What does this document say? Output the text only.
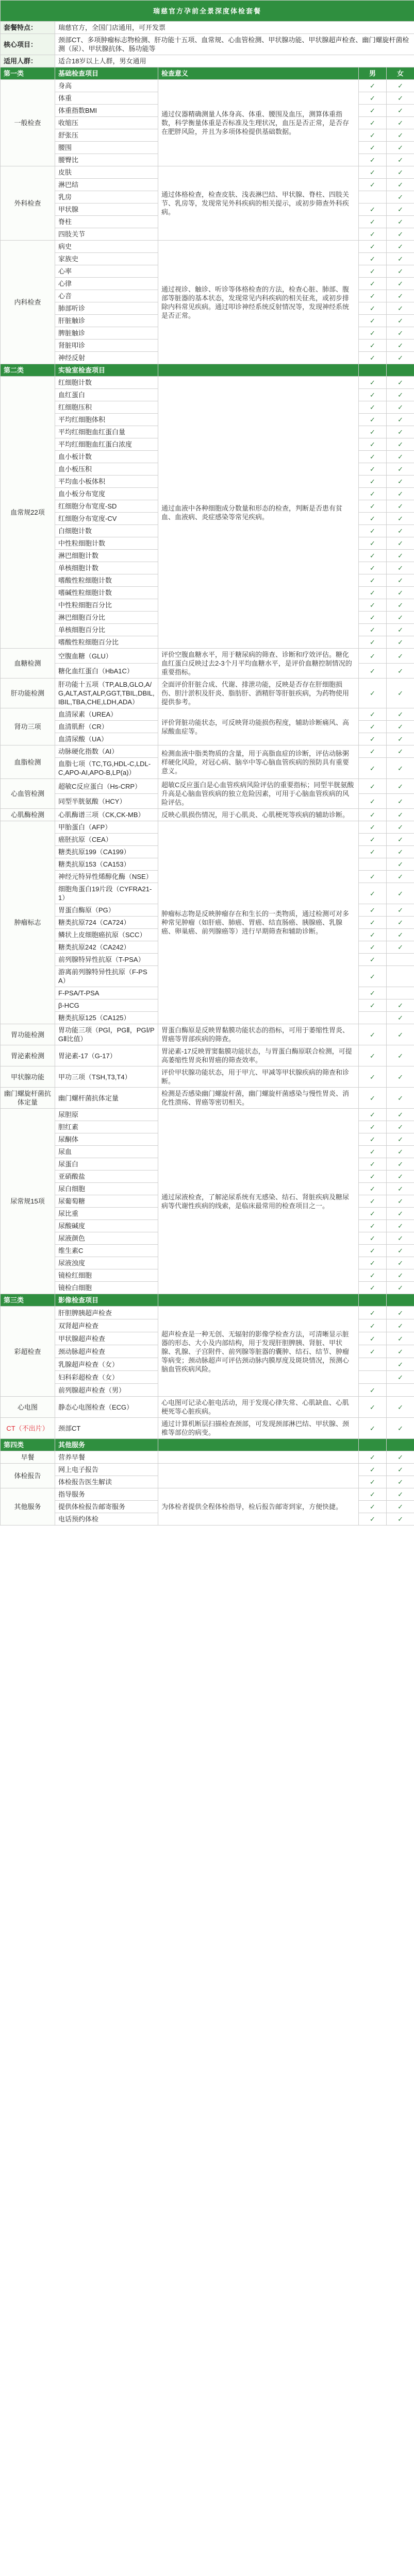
瑞慈官方孕前全景深度体检套餐				
套餐特点：	瑞慈官方，全国门店通用，可开发票			
核心项目：	颈部CT、多项肿瘤标志物检测、肝功能十五项、血常规、心血管检测、甲状腺功能、甲状腺超声检查、幽门螺旋杆菌检测（尿）、甲状腺抗体、肠功能等			
适用人群：	适合18岁以上人群，男女通用			
第一类	基础检查项目	检查意义	男	女
一般检查	身高	通过仪器精确测量人体身高、体重、腰围及血压，测算体重指数，科学衡量体重是否标准及生理状况，血压是否正常，是否存在肥胖风险，并且为多项体检提供基础数据。	✓	✓
	体重		✓	✓
	体重指数BMI		✓	✓
	收缩压		✓	✓
	舒张压		✓	✓
	腰围		✓	✓
	腰臀比		✓	✓
外科检查	皮肤	通过体格检查，检查皮肤、浅表淋巴结、甲状腺、脊柱、四肢关节、乳房等，发现常见外科疾病的相关提示，或初步筛查外科疾病。	✓	✓
	淋巴结		✓	✓
	乳房			✓
	甲状腺		✓	✓
	脊柱		✓	✓
	四肢关节		✓	✓
内科检查	病史	通过视诊、触诊、听诊等体格检查的方法，检查心脏、肺部、腹部等脏器的基本状态，发现常见内科疾病的相关征兆，或初步排除内科常见疾病。通过叩诊神经系统反射情况等，发现神经系统是否正常。	✓	✓
	家族史		✓	✓
	心率		✓	✓
	心律		✓	✓
	心音		✓	✓
	肺部听诊		✓	✓
	肝脏触诊		✓	✓
	脾脏触诊		✓	✓
	肾脏叩诊		✓	✓
	神经反射		✓	✓
第二类	实验室检查项目			
血常规22项	红细胞计数	通过血液中各种细胞成分数量和形态的检查，判断是否患有贫血、血液病、炎症感染等常见疾病。	✓	✓
	血红蛋白		✓	✓
	红细胞压积		✓	✓
	平均红细胞体积		✓	✓
	平均红细胞血红蛋白量		✓	✓
	平均红细胞血红蛋白浓度		✓	✓
	血小板计数		✓	✓
	血小板压积		✓	✓
	平均血小板体积		✓	✓
	血小板分布宽度		✓	✓
	红细胞分布宽度-SD		✓	✓
	红细胞分布宽度-CV		✓	✓
	白细胞计数		✓	✓
	中性粒细胞计数		✓	✓
	淋巴细胞计数		✓	✓
	单核细胞计数		✓	✓
	嗜酸性粒细胞计数		✓	✓
	嗜碱性粒细胞计数		✓	✓
	中性粒细胞百分比		✓	✓
	淋巴细胞百分比		✓	✓
	单核细胞百分比		✓	✓
	嗜酸性粒细胞百分比		✓	✓
血糖检测	空腹血糖（GLU）	评价空腹血糖水平，用于糖尿病的筛查、诊断和疗效评估。糖化血红蛋白反映过去2-3个月平均血糖水平，是评价血糖控制情况的重要指标。	✓	✓
	糖化血红蛋白（HbA1C）		✓	✓
肝功能检测	肝功能十五项（TP,ALB,GLO,A/G,ALT,AST,ALP,GGT,TBIL,DBIL,IBIL,TBA,CHE,LDH,ADA）	全面评价肝脏合成、代谢、排泄功能，反映是否存在肝细胞损伤、胆汁淤积及肝炎、脂肪肝、酒精肝等肝脏疾病，为药物使用提供参考。	✓	✓
肾功三项	血清尿素（UREA）	评价肾脏功能状态，可反映肾功能损伤程度，辅助诊断痛风、高尿酸血症等。	✓	✓
	血清肌酐（CR）		✓	✓
	血清尿酸（UA）		✓	✓
血脂检测	动脉硬化指数（AI）	检测血液中脂类物质的含量，用于高脂血症的诊断，评估动脉粥样硬化风险，对冠心病、脑卒中等心脑血管疾病的预防具有重要意义。	✓	✓
	血脂七项（TC,TG,HDL-C,LDL-C,APO-AI,APO-B,LP(a)）		✓	✓
心血管检测	超敏C反应蛋白（Hs-CRP）	超敏C反应蛋白是心血管疾病风险评估的重要指标；同型半胱氨酸升高是心脑血管疾病的独立危险因素，可用于心脑血管疾病的风险评估。	✓	✓
	同型半胱氨酸（HCY）		✓	✓
心肌酶检测	心肌酶谱三项（CK,CK-MB）	反映心肌损伤情况，用于心肌炎、心肌梗死等疾病的辅助诊断。	✓	✓
肿瘤标志	甲胎蛋白（AFP）	肿瘤标志物是反映肿瘤存在和生长的一类物质，通过检测可对多种常见肿瘤（如肝癌、肺癌、胃癌、结直肠癌、胰腺癌、乳腺癌、卵巢癌、前列腺癌等）进行早期筛查和辅助诊断。	✓	✓
	癌胚抗原（CEA）		✓	✓
	糖类抗原199（CA199）		✓	✓
	糖类抗原153（CA153）			✓
	神经元特异性烯醇化酶（NSE）		✓	✓
	细胞角蛋白19片段（CYFRA21-1）		✓	✓
	胃蛋白酶原（PG）		✓	✓
	糖类抗原724（CA724）		✓	✓
	鳞状上皮细胞癌抗原（SCC）		✓	✓
	糖类抗原242（CA242）		✓	✓
	前列腺特异性抗原（T-PSA）		✓	
	游离前列腺特异性抗原（F-PSA）		✓	
	F-PSA/T-PSA		✓	
	β-HCG		✓	✓
	糖类抗原125（CA125）			✓
胃功能检测	胃功能三项（PGⅠ，PGⅡ，PGⅠ/PGⅡ比值）	胃蛋白酶原是反映胃黏膜功能状态的指标，可用于萎缩性胃炎、胃癌等胃部疾病的筛查。	✓	✓
胃泌素检测	胃泌素-17（G-17）	胃泌素-17反映胃窦黏膜功能状态，与胃蛋白酶原联合检测，可提高萎缩性胃炎和胃癌的筛查效率。	✓	✓
甲状腺功能	甲功三项（TSH,T3,T4）	评价甲状腺功能状态，用于甲亢、甲减等甲状腺疾病的筛查和诊断。	✓	✓
幽门螺旋杆菌抗体定量	幽门螺杆菌抗体定量	检测是否感染幽门螺旋杆菌，幽门螺旋杆菌感染与慢性胃炎、消化性溃疡、胃癌等密切相关。	✓	✓
尿常规15项	尿胆原	通过尿液检查，了解泌尿系统有无感染、结石、肾脏疾病及糖尿病等代谢性疾病的线索，是临床最常用的检查项目之一。	✓	✓
	胆红素		✓	✓
	尿酮体		✓	✓
	尿血		✓	✓
	尿蛋白		✓	✓
	亚硝酸盐		✓	✓
	尿白细胞		✓	✓
	尿葡萄糖		✓	✓
	尿比重		✓	✓
	尿酸碱度		✓	✓
	尿液颜色		✓	✓
	维生素C		✓	✓
	尿液浊度		✓	✓
	镜检红细胞		✓	✓
	镜检白细胞		✓	✓
第三类	影像检查项目			
彩超检查	肝胆脾胰超声检查	超声检查是一种无创、无辐射的影像学检查方法，可清晰显示脏器的形态、大小及内部结构，用于发现肝胆脾胰、肾脏、甲状腺、乳腺、子宫附件、前列腺等脏器的囊肿、结石、结节、肿瘤等病变；颈动脉超声可评估颈动脉内膜厚度及斑块情况，预测心脑血管疾病风险。	✓	✓
	双肾超声检查		✓	✓
	甲状腺超声检查		✓	✓
	颈动脉超声检查		✓	✓
	乳腺超声检查（女）			✓
	妇科彩超检查（女）			✓
	前列腺超声检查（男）		✓	
心电图	静态心电图检查（ECG）	心电图可记录心脏电活动，用于发现心律失常、心肌缺血、心肌梗死等心脏疾病。	✓	✓
CT（不出片）	颈部CT	通过计算机断层扫描检查颈部，可发现颈部淋巴结、甲状腺、颈椎等部位的病变。	✓	✓
第四类	其他服务			
早餐	营养早餐		✓	✓
体检报告	网上电子报告		✓	✓
	体检报告医生解读		✓	✓
其他服务	指导服务	为体检者提供全程体检指导，检后报告邮寄到家，方便快捷。	✓	✓
	提供体检报告邮寄服务		✓	✓
	电话预约体检		✓	✓
